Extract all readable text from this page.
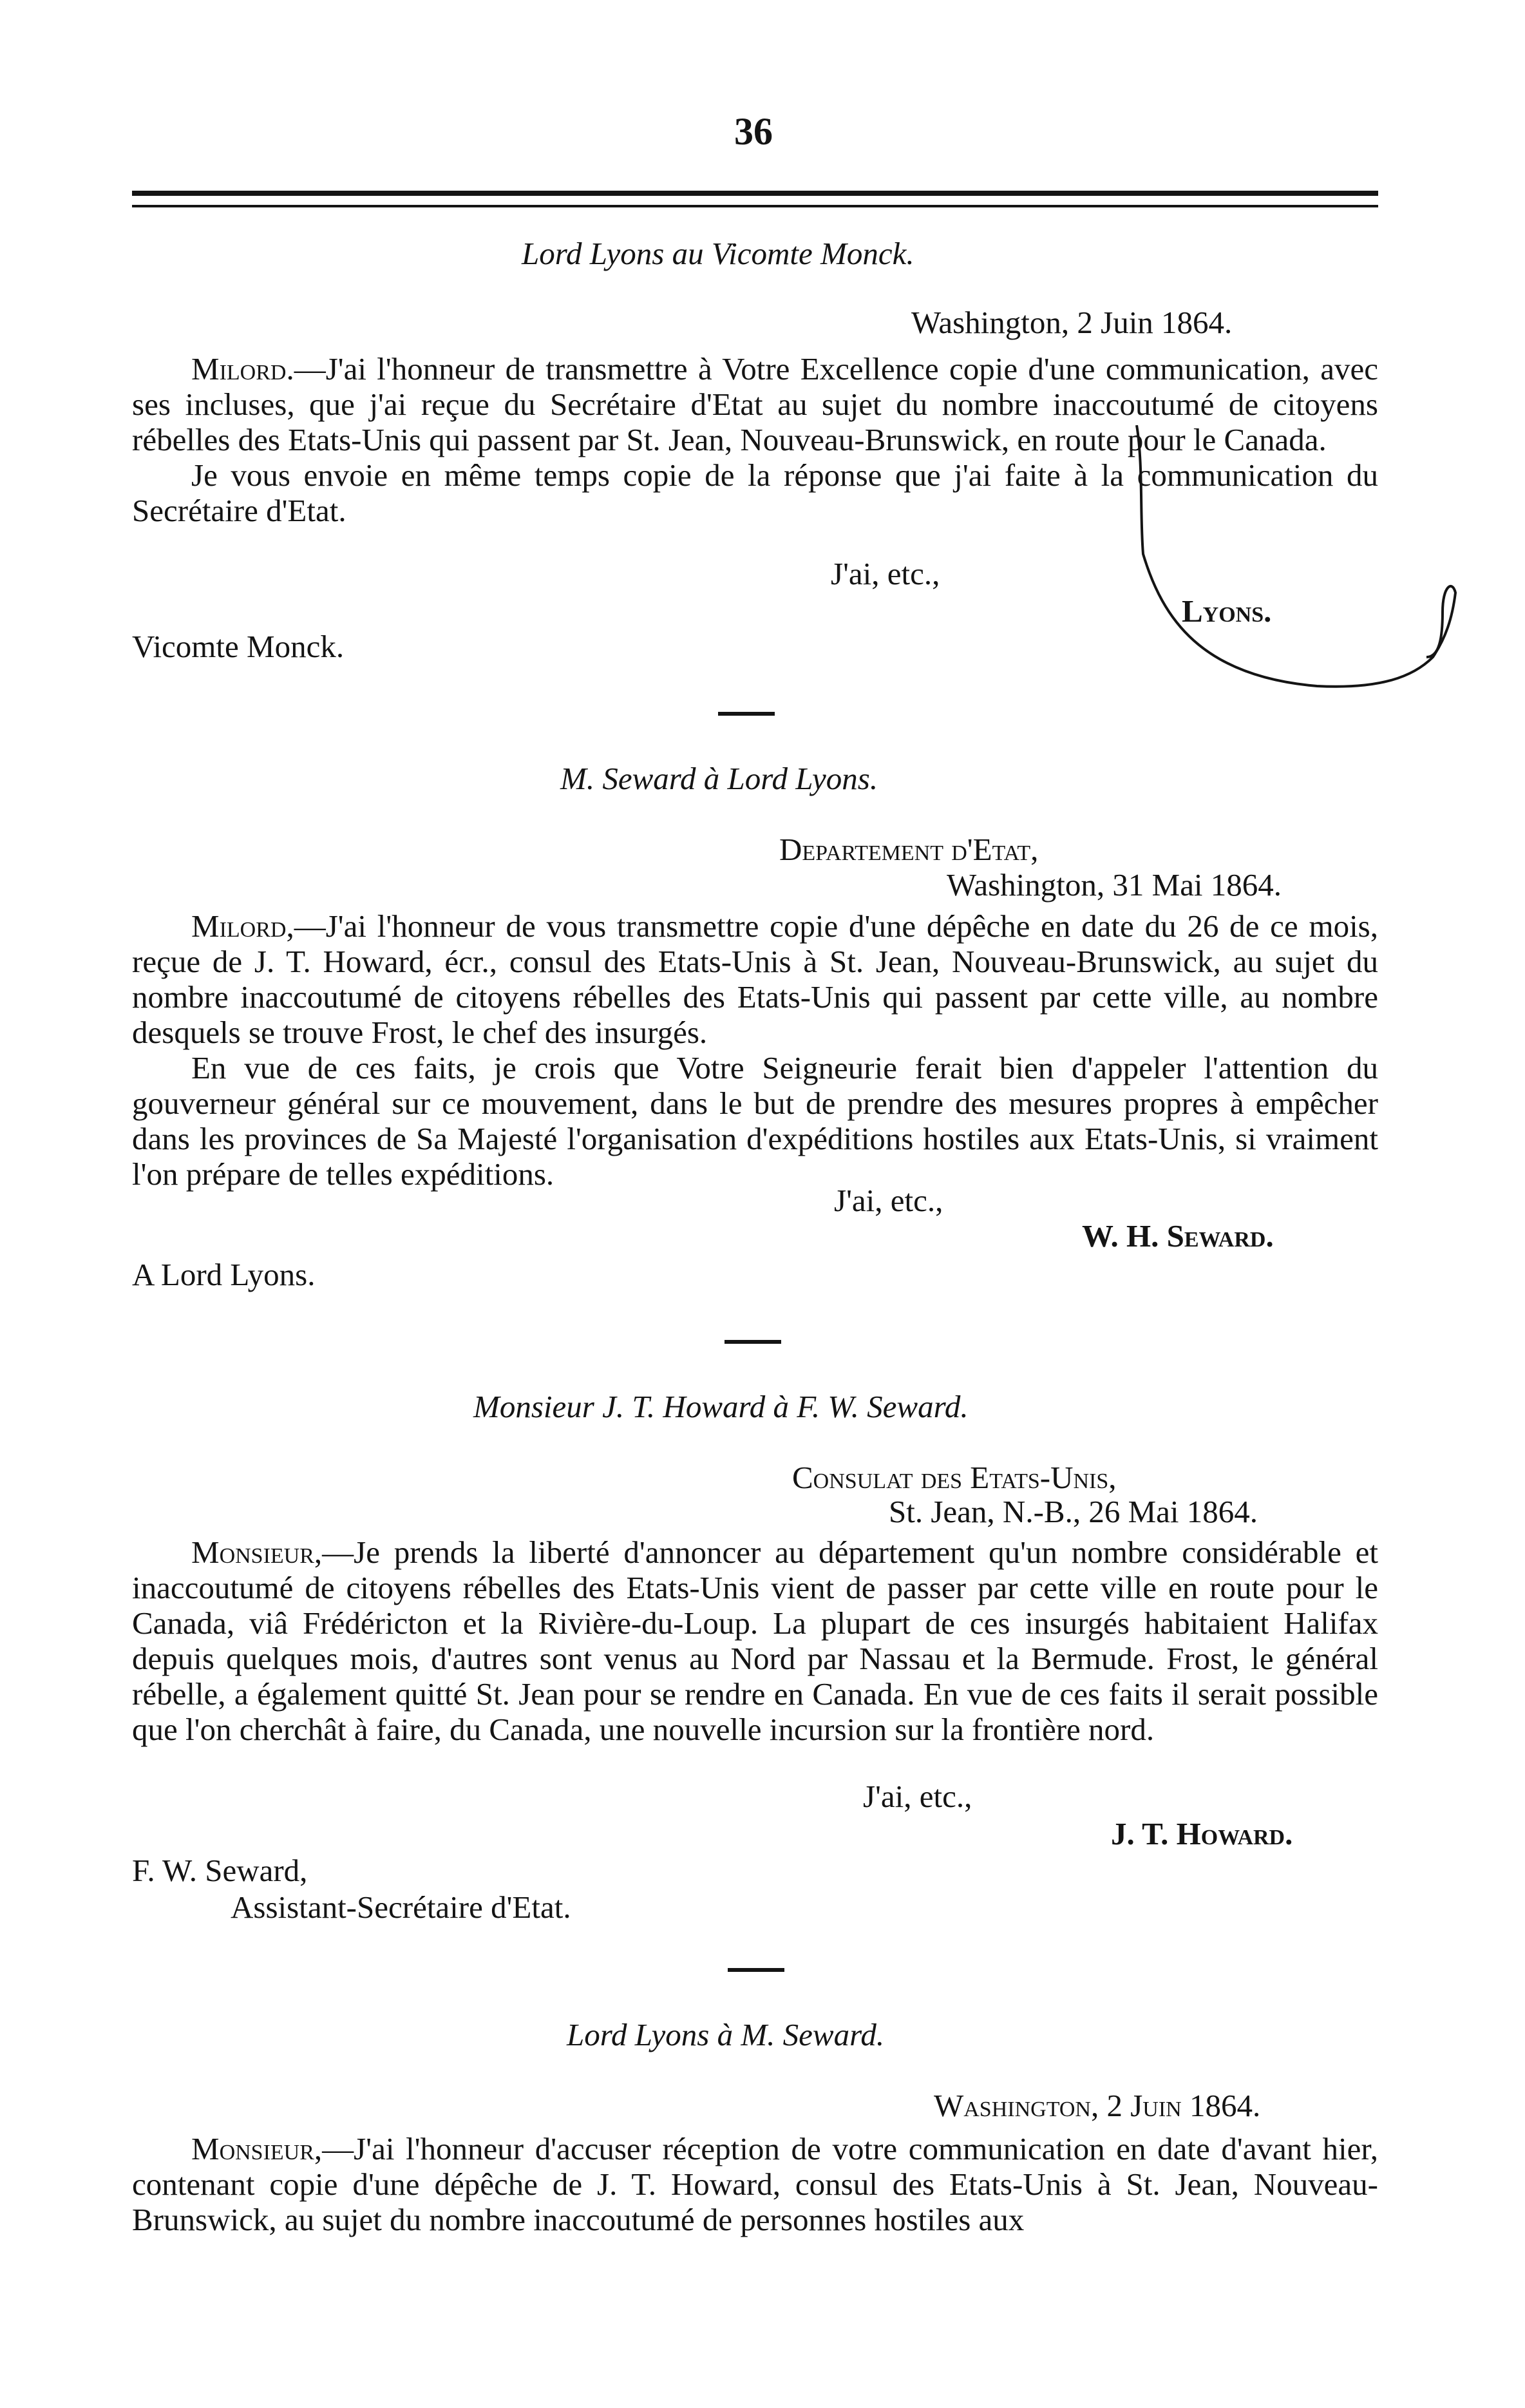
36
Lord Lyons au Vicomte Monck.
Washington, 2 Juin 1864.

Milord.—J'ai l'honneur de transmettre à Votre Excellence copie d'une communication, avec ses incluses, que j'ai reçue du Secrétaire d'Etat au sujet du nombre inaccoutumé de citoyens rébelles des Etats-Unis qui passent par St. Jean, Nouveau-Brunswick, en route pour le Canada.

Je vous envoie en même temps copie de la réponse que j'ai faite à la communication du Secrétaire d'Etat.

J'ai, etc.,
Lyons.
Vicomte Monck.
M. Seward à Lord Lyons.
Departement d'Etat,
Washington, 31 Mai 1864.

Milord,—J'ai l'honneur de vous transmettre copie d'une dépêche en date du 26 de ce mois, reçue de J. T. Howard, écr., consul des Etats-Unis à St. Jean, Nouveau-Brunswick, au sujet du nombre inaccoutumé de citoyens rébelles des Etats-Unis qui passent par cette ville, au nombre desquels se trouve Frost, le chef des insurgés.

En vue de ces faits, je crois que Votre Seigneurie ferait bien d'appeler l'attention du gouverneur général sur ce mouvement, dans le but de prendre des mesures propres à empêcher dans les provinces de Sa Majesté l'organisation d'expéditions hostiles aux Etats-Unis, si vraiment l'on prépare de telles expéditions.

J'ai, etc.,
W. H. Seward.
A Lord Lyons.
Monsieur J. T. Howard à F. W. Seward.
Consulat des Etats-Unis,
St. Jean, N.-B., 26 Mai 1864.

Monsieur,—Je prends la liberté d'annoncer au département qu'un nombre considérable et inaccoutumé de citoyens rébelles des Etats-Unis vient de passer par cette ville en route pour le Canada, viâ Frédéricton et la Rivière-du-Loup. La plupart de ces insurgés habitaient Halifax depuis quelques mois, d'autres sont venus au Nord par Nassau et la Bermude. Frost, le général rébelle, a également quitté St. Jean pour se rendre en Canada. En vue de ces faits il serait possible que l'on cherchât à faire, du Canada, une nouvelle incursion sur la frontière nord.

J'ai, etc.,
J. T. Howard.
F. W. Seward,
Assistant-Secrétaire d'Etat.
Lord Lyons à M. Seward.
Washington, 2 Juin 1864.

Monsieur,—J'ai l'honneur d'accuser réception de votre communication en date d'avant hier, contenant copie d'une dépêche de J. T. Howard, consul des Etats-Unis à St. Jean, Nouveau-Brunswick, au sujet du nombre inaccoutumé de personnes hostiles aux
